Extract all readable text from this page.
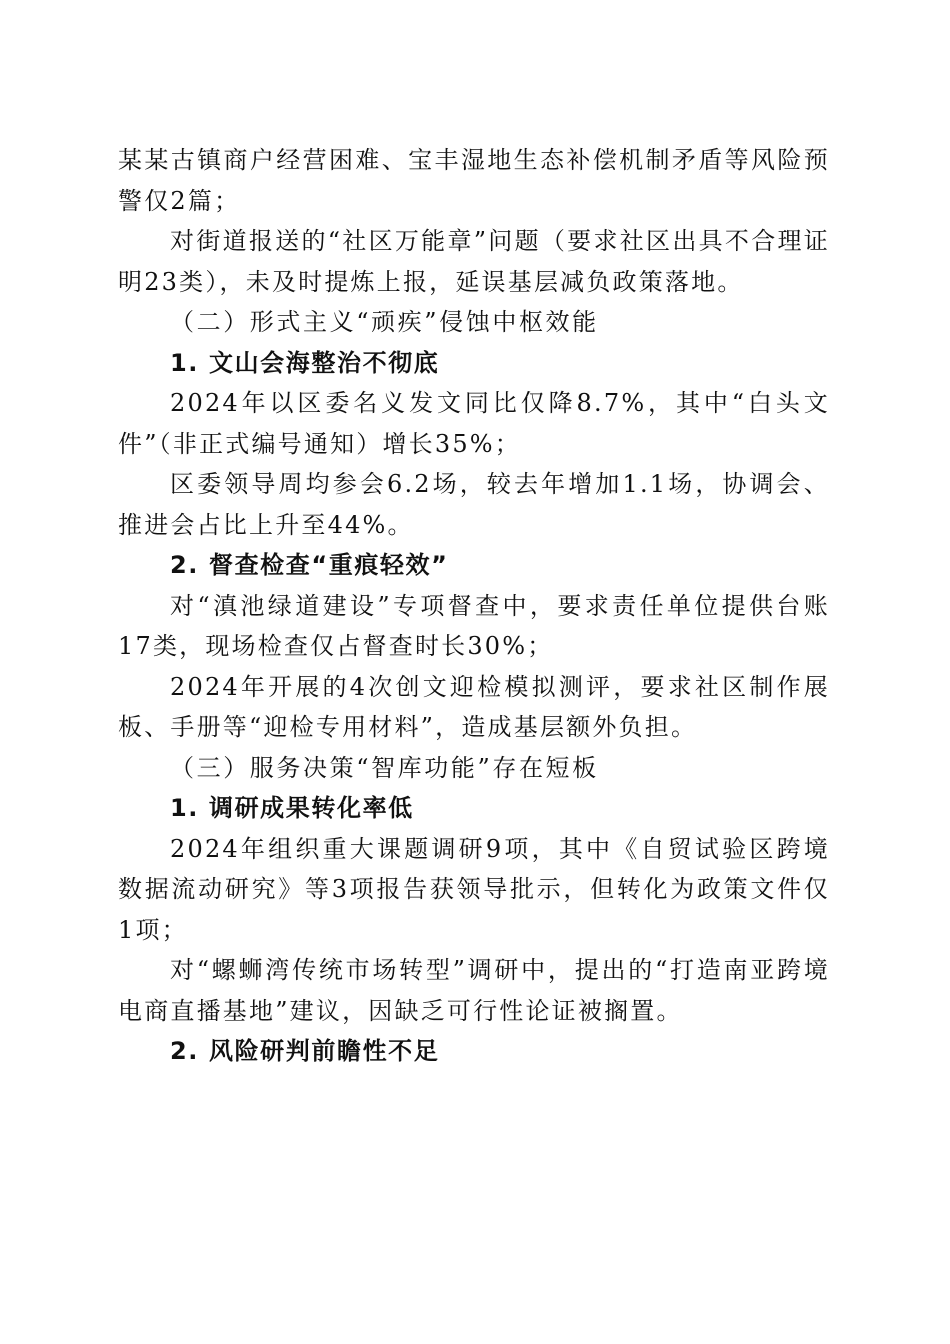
某某古镇商户经营困难、宝丰湿地生态补偿机制矛盾等风险预警仅2篇；

对街道报送的“社区万能章”问题（要求社区出具不合理证明23类），未及时提炼上报，延误基层减负政策落地。

（二）形式主义“顽疾”侵蚀中枢效能

1. 文山会海整治不彻底

2024年以区委名义发文同比仅降8.7%，其中“白头文件”（非正式编号通知）增长35%；

区委领导周均参会6.2场，较去年增加1.1场，协调会、推进会占比上升至44%。

2. 督查检查“重痕轻效”

对“滇池绿道建设”专项督查中，要求责任单位提供台账17类，现场检查仅占督查时长30%；

2024年开展的4次创文迎检模拟测评，要求社区制作展板、手册等“迎检专用材料”，造成基层额外负担。

（三）服务决策“智库功能”存在短板

1. 调研成果转化率低

2024年组织重大课题调研9项，其中《自贸试验区跨境数据流动研究》等3项报告获领导批示，但转化为政策文件仅1项；

对“螺蛳湾传统市场转型”调研中，提出的“打造南亚跨境电商直播基地”建议，因缺乏可行性论证被搁置。

2. 风险研判前瞻性不足
